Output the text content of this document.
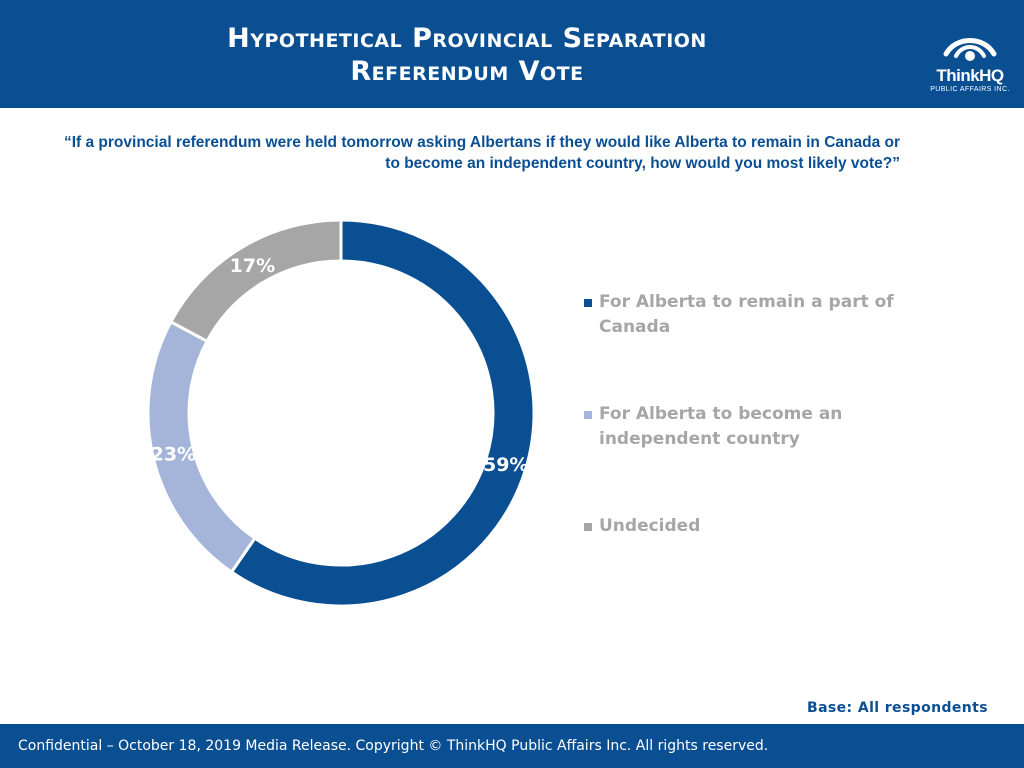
Hypothetical Provincial Separation
Referendum Vote	ThinkHQ
PUBLIC AFFAIRS INC.
“If a provincial referendum were held tomorrow asking Albertans if they would like Alberta to remain in Canada or to become an independent country, how would you most likely vote?”
59%
23%
17%
For Alberta to remain a part of Canada
For Alberta to become an independent country
Undecided
Base: All respondents
Confidential – October 18, 2019 Media Release. Copyright © ThinkHQ Public Affairs Inc. All rights reserved.
